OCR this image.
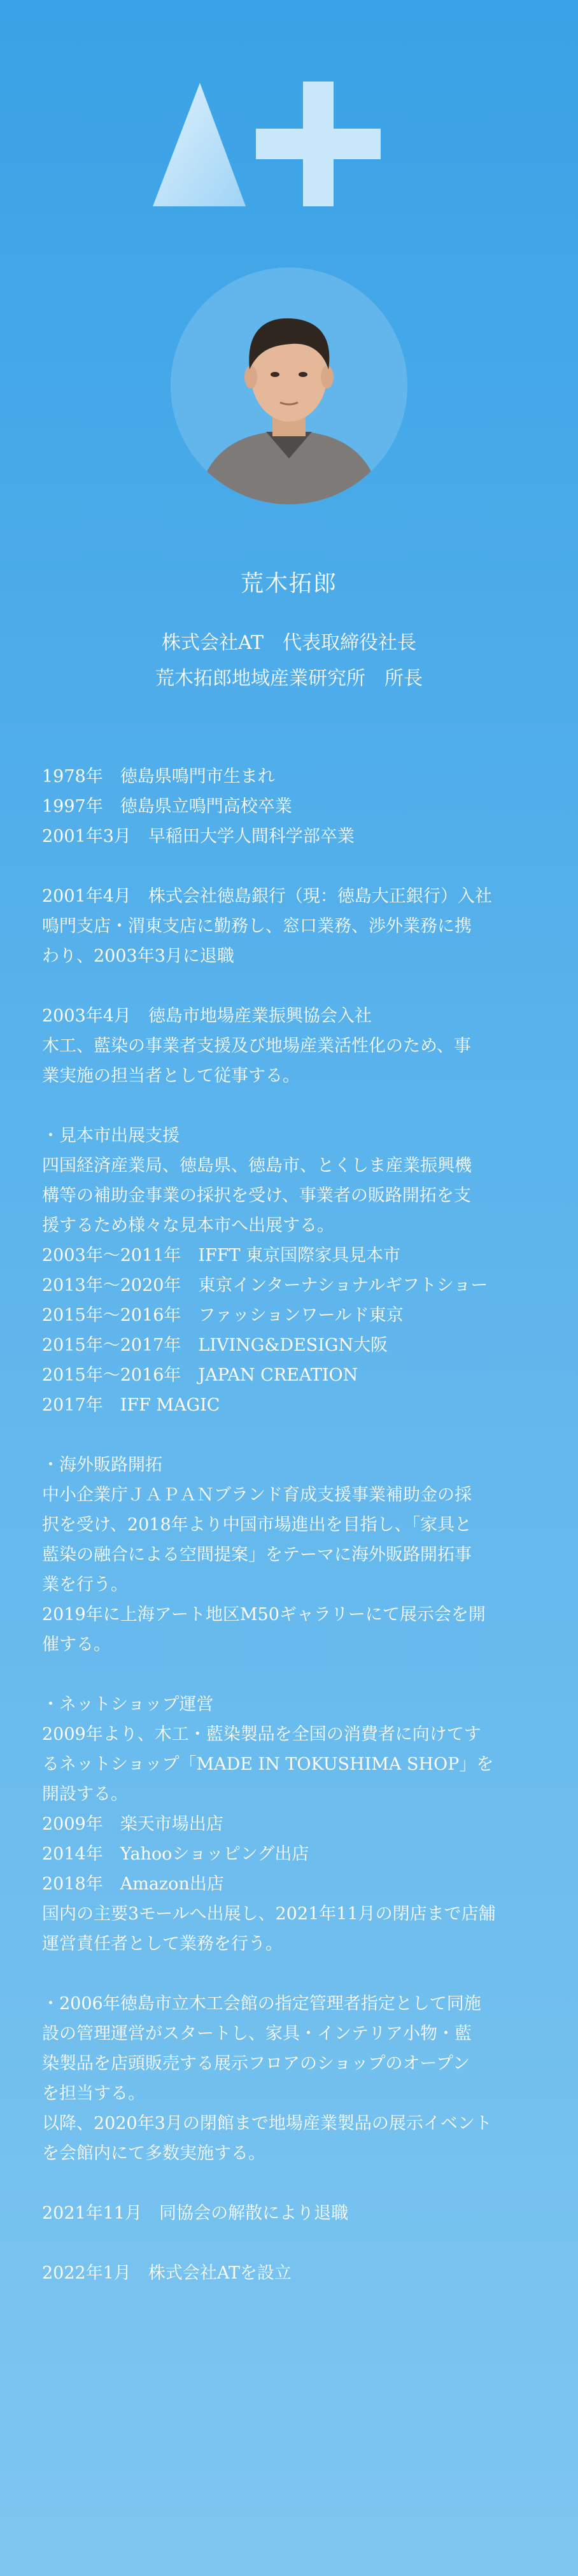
荒木拓郎
株式会社AT　代表取締役社長
荒木拓郎地域産業研究所　所長
1978年　徳島県鳴門市生まれ
1997年　徳島県立鳴門高校卒業
2001年3月　早稲田大学人間科学部卒業
2001年4月　株式会社徳島銀行（現：徳島大正銀行）入社
鳴門支店・渭東支店に勤務し、窓口業務、渉外業務に携
わり、2003年3月に退職
2003年4月　徳島市地場産業振興協会入社
木工、藍染の事業者支援及び地場産業活性化のため、事
業実施の担当者として従事する。
・見本市出展支援
四国経済産業局、徳島県、徳島市、とくしま産業振興機
構等の補助金事業の採択を受け、事業者の販路開拓を支
援するため様々な見本市へ出展する。
2003年～2011年　IFFT 東京国際家具見本市
2013年～2020年　東京インターナショナルギフトショー
2015年～2016年　ファッションワールド東京
2015年～2017年　LIVING&DESIGN大阪
2015年～2016年　JAPAN CREATION
2017年　IFF MAGIC
・海外販路開拓
中小企業庁ＪＡＰＡＮブランド育成支援事業補助金の採
択を受け、2018年より中国市場進出を目指し、「家具と
藍染の融合による空間提案」をテーマに海外販路開拓事
業を行う。
2019年に上海アート地区M50ギャラリーにて展示会を開
催する。
・ネットショップ運営
2009年より、木工・藍染製品を全国の消費者に向けてす
るネットショップ「MADE IN TOKUSHIMA SHOP」を
開設する。
2009年　楽天市場出店
2014年　Yahooショッピング出店
2018年　Amazon出店
国内の主要3モールへ出展し、2021年11月の閉店まで店舗
運営責任者として業務を行う。
・2006年徳島市立木工会館の指定管理者指定として同施
設の管理運営がスタートし、家具・インテリア小物・藍
染製品を店頭販売する展示フロアのショップのオープン
を担当する。
以降、2020年3月の閉館まで地場産業製品の展示イベント
を会館内にて多数実施する。
2021年11月　同協会の解散により退職
2022年1月　株式会社ATを設立
